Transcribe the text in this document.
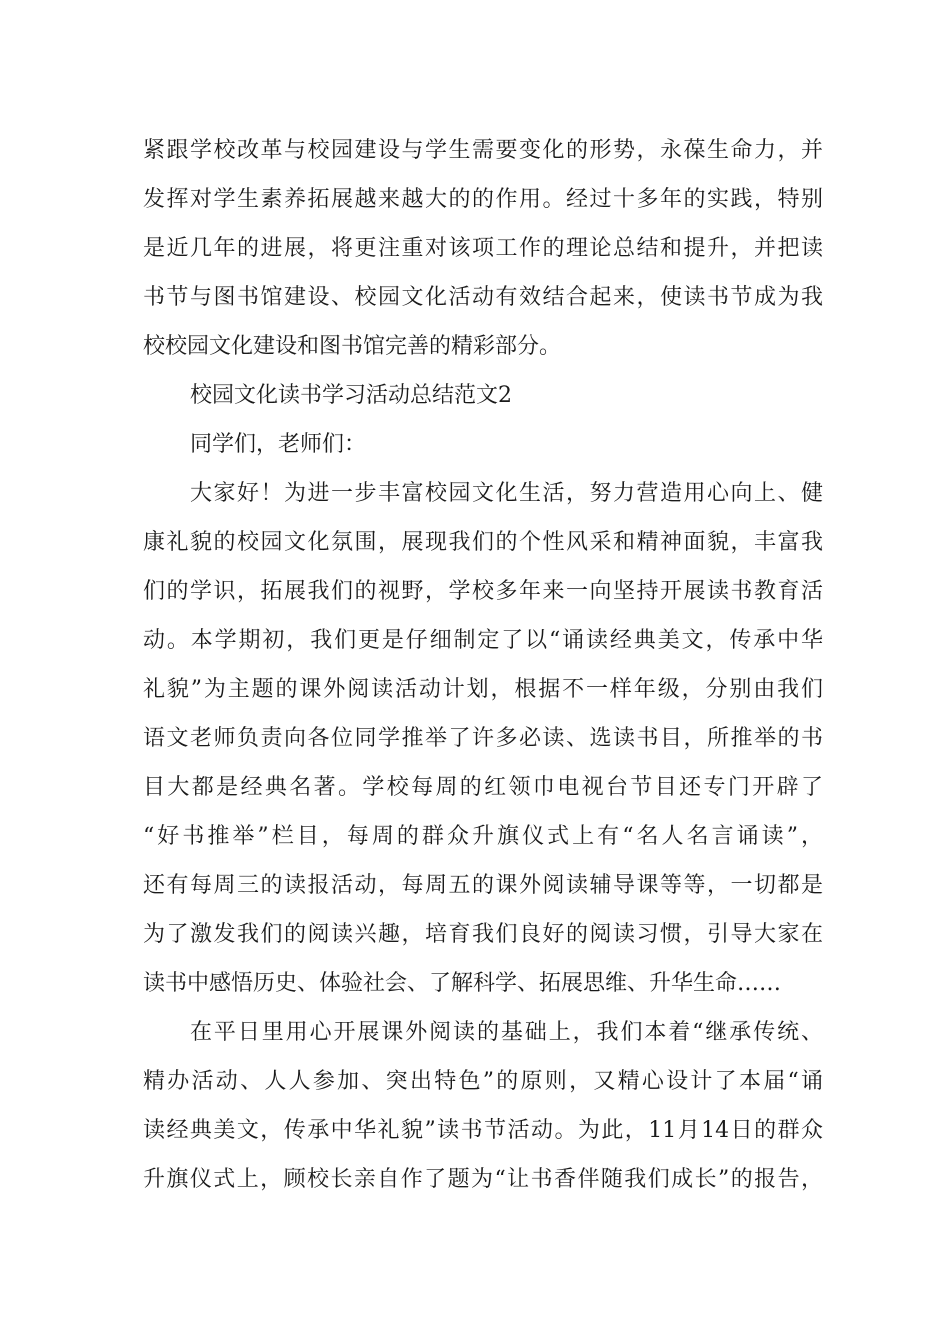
紧跟学校改革与校园建设与学生需要变化的形势，永葆生命力，并
发挥对学生素养拓展越来越大的的作用。经过十多年的实践，特别
是近几年的进展，将更注重对该项工作的理论总结和提升，并把读
书节与图书馆建设、校园文化活动有效结合起来，使读书节成为我
校校园文化建设和图书馆完善的精彩部分。
校园文化读书学习活动总结范文2
同学们，老师们：
大家好！为进一步丰富校园文化生活，努力营造用心向上、健
康礼貌的校园文化氛围，展现我们的个性风采和精神面貌，丰富我
们的学识，拓展我们的视野，学校多年来一向坚持开展读书教育活
动。本学期初，我们更是仔细制定了以“诵读经典美文，传承中华
礼貌”为主题的课外阅读活动计划，根据不一样年级，分别由我们
语文老师负责向各位同学推举了许多必读、选读书目，所推举的书
目大都是经典名著。学校每周的红领巾电视台节目还专门开辟了
“好书推举”栏目，每周的群众升旗仪式上有“名人名言诵读”，
还有每周三的读报活动，每周五的课外阅读辅导课等等，一切都是
为了激发我们的阅读兴趣，培育我们良好的阅读习惯，引导大家在
读书中感悟历史、体验社会、了解科学、拓展思维、升华生命……
在平日里用心开展课外阅读的基础上，我们本着“继承传统、
精办活动、人人参加、突出特色”的原则，又精心设计了本届“诵
读经典美文，传承中华礼貌”读书节活动。为此，11月14日的群众
升旗仪式上，顾校长亲自作了题为“让书香伴随我们成长”的报告，
